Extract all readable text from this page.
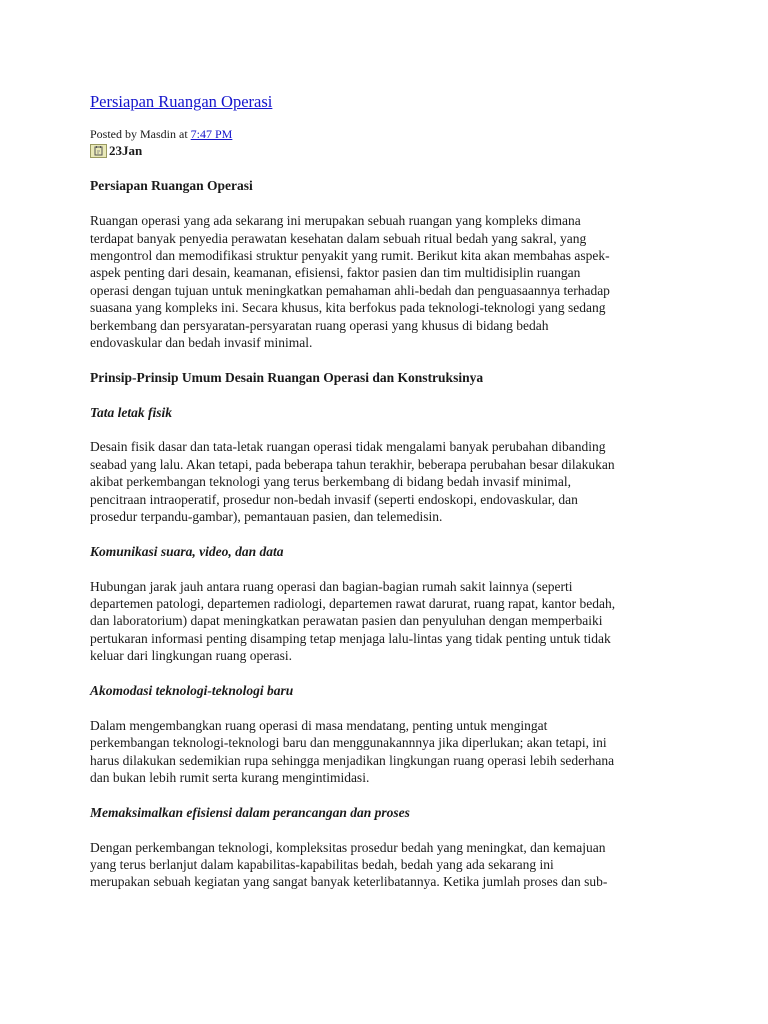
Persiapan Ruangan Operasi
Posted by Masdin at 7:47 PM
23Jan

Persiapan Ruangan Operasi

Ruangan operasi yang ada sekarang ini merupakan sebuah ruangan yang kompleks dimana
terdapat banyak penyedia perawatan kesehatan dalam sebuah ritual bedah yang sakral, yang
mengontrol dan memodifikasi struktur penyakit yang rumit. Berikut kita akan membahas aspek-
aspek penting dari desain, keamanan, efisiensi, faktor pasien dan tim multidisiplin ruangan
operasi dengan tujuan untuk meningkatkan pemahaman ahli-bedah dan penguasaannya terhadap
suasana yang kompleks ini. Secara khusus, kita berfokus pada teknologi-teknologi yang sedang
berkembang dan persyaratan-persyaratan ruang operasi yang khusus di bidang bedah
endovaskular dan bedah invasif minimal.

Prinsip-Prinsip Umum Desain Ruangan Operasi dan Konstruksinya

Tata letak fisik

Desain fisik dasar dan tata-letak ruangan operasi tidak mengalami banyak perubahan dibanding
seabad yang lalu. Akan tetapi, pada beberapa tahun terakhir, beberapa perubahan besar dilakukan
akibat perkembangan teknologi yang terus berkembang di bidang bedah invasif minimal,
pencitraan intraoperatif, prosedur non-bedah invasif (seperti endoskopi, endovaskular, dan
prosedur terpandu-gambar), pemantauan pasien, dan telemedisin.

Komunikasi suara, video, dan data

Hubungan jarak jauh antara ruang operasi dan bagian-bagian rumah sakit lainnya (seperti
departemen patologi, departemen radiologi, departemen rawat darurat, ruang rapat, kantor bedah,
dan laboratorium) dapat meningkatkan perawatan pasien dan penyuluhan dengan memperbaiki
pertukaran informasi penting disamping tetap menjaga lalu-lintas yang tidak penting untuk tidak
keluar dari lingkungan ruang operasi.

Akomodasi teknologi-teknologi baru

Dalam mengembangkan ruang operasi di masa mendatang, penting untuk mengingat
perkembangan teknologi-teknologi baru dan menggunakannnya jika diperlukan; akan tetapi, ini
harus dilakukan sedemikian rupa sehingga menjadikan lingkungan ruang operasi lebih sederhana
dan bukan lebih rumit serta kurang mengintimidasi.

Memaksimalkan efisiensi dalam perancangan dan proses

Dengan perkembangan teknologi, kompleksitas prosedur bedah yang meningkat, dan kemajuan
yang terus berlanjut dalam kapabilitas-kapabilitas bedah, bedah yang ada sekarang ini
merupakan sebuah kegiatan yang sangat banyak keterlibatannya. Ketika jumlah proses dan sub-
